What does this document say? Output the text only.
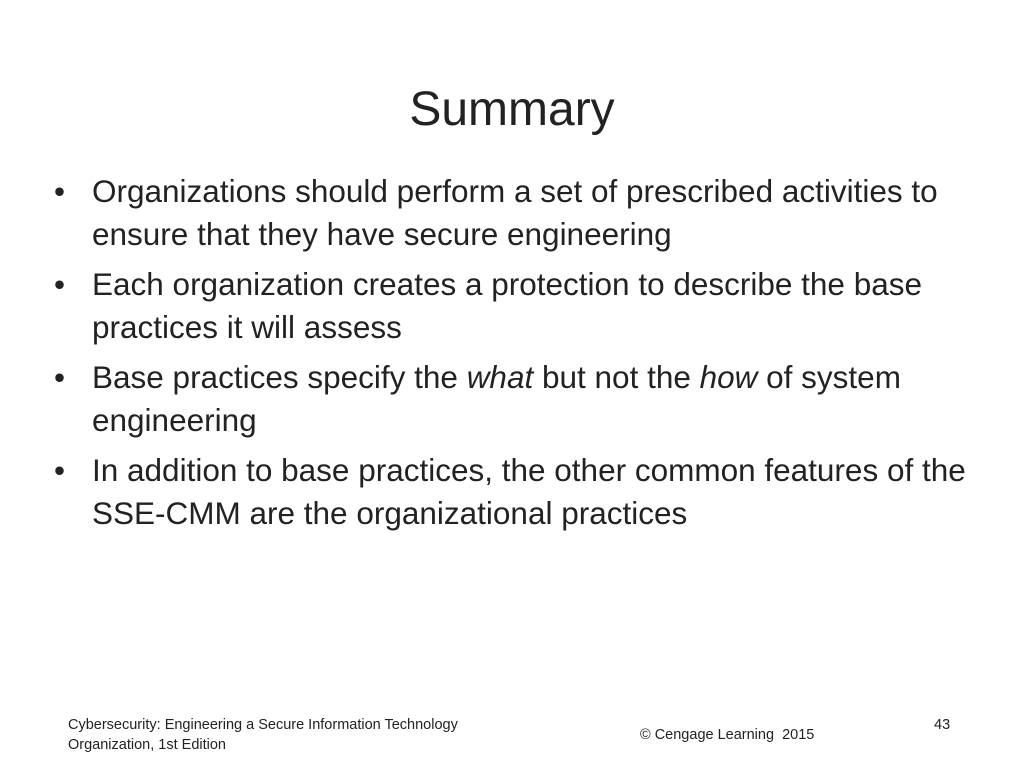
Summary
• Organizations should perform a set of prescribed activities to ensure that they have secure engineering
• Each organization creates a protection to describe the base practices it will assess
• Base practices specify the what but not the how of system engineering
• In addition to base practices, the other common features of the SSE-CMM are the organizational practices
Cybersecurity: Engineering a Secure Information Technology Organization, 1st Edition
© Cengage Learning  2015
43
